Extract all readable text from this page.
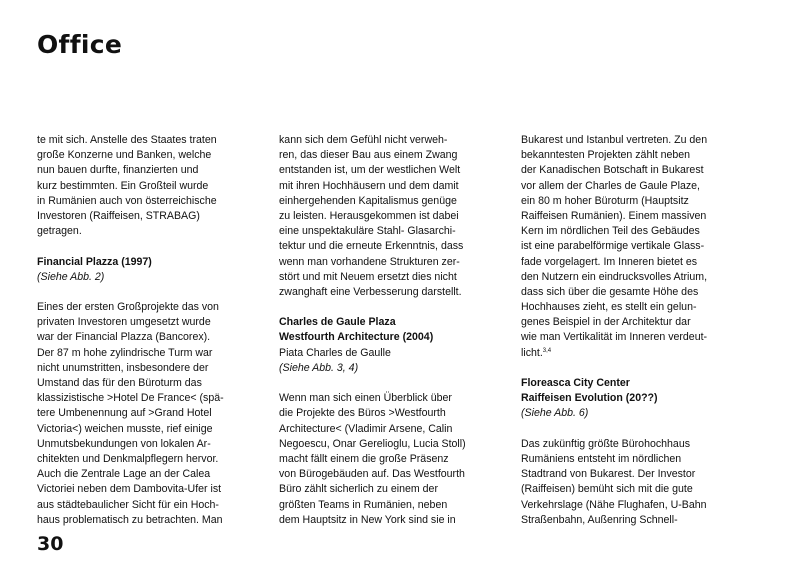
Office
te mit sich. Anstelle des Staates traten
große Konzerne und Banken, welche
nun bauen durfte, finanzierten und
kurz bestimmten. Ein Großteil wurde
in Rumänien auch von österreichische
Investoren (Raiffeisen, STRABAG)
getragen.
Financial Plazza (1997)
(Siehe Abb. 2)
Eines der ersten Großprojekte das von
privaten Investoren umgesetzt wurde
war der Financial Plazza (Bancorex).
Der 87 m hohe zylindrische Turm war
nicht unumstritten, insbesondere der
Umstand das für den Büroturm das
klassizistische >Hotel De France< (spä-
tere Umbenennung auf >Grand Hotel
Victoria<) weichen musste, rief einige
Unmutsbekundungen von lokalen Ar-
chitekten und Denkmalpflegern hervor.
Auch die Zentrale Lage an der Calea
Victoriei neben dem Dambovita-Ufer ist
aus städtebaulicher Sicht für ein Hoch-
haus problematisch zu betrachten. Man
kann sich dem Gefühl nicht verweh-
ren, das dieser Bau aus einem Zwang
entstanden ist, um der westlichen Welt
mit ihren Hochhäusern und dem damit
einhergehenden Kapitalismus genüge
zu leisten. Herausgekommen ist dabei
eine unspektakuläre Stahl- Glasarchi-
tektur und die erneute Erkenntnis, dass
wenn man vorhandene Strukturen zer-
stört und mit Neuem ersetzt dies nicht
zwanghaft eine Verbesserung darstellt.
Charles de Gaule Plaza
Westfourth Architecture (2004)
Piata Charles de Gaulle
(Siehe Abb. 3, 4)
Wenn man sich einen Überblick über
die Projekte des Büros >Westfourth
Architecture< (Vladimir Arsene, Calin
Negoescu, Onar Gerelioglu, Lucia Stoll)
macht fällt einem die große Präsenz
von Bürogebäuden auf. Das Westfourth
Büro zählt sicherlich zu einem der
größten Teams in Rumänien, neben
dem Hauptsitz in New York sind sie in
Bukarest und Istanbul vertreten. Zu den
bekanntesten Projekten zählt neben
der Kanadischen Botschaft in Bukarest
vor allem der Charles de Gaule Plaze,
ein 80 m hoher Büroturm (Hauptsitz
Raiffeisen Rumänien). Einem massiven
Kern im nördlichen Teil des Gebäudes
ist eine parabelförmige vertikale Glass-
fade vorgelagert. Im Inneren bietet es
den Nutzern ein eindrucksvolles Atrium,
dass sich über die gesamte Höhe des
Hochhauses zieht, es stellt ein gelun-
genes Beispiel in der Architektur dar
wie man Vertikalität im Inneren verdeut-
licht.$^{3,4}$
Floreasca City Center
Raiffeisen Evolution (20??)
(Siehe Abb. 6)
Das zukünftig größte Bürohochhaus
Rumäniens entsteht im nördlichen
Stadtrand von Bukarest. Der Investor
(Raiffeisen) bemüht sich mit die gute
Verkehrslage (Nähe Flughafen, U-Bahn
Straßenbahn, Außenring Schnell-
30
